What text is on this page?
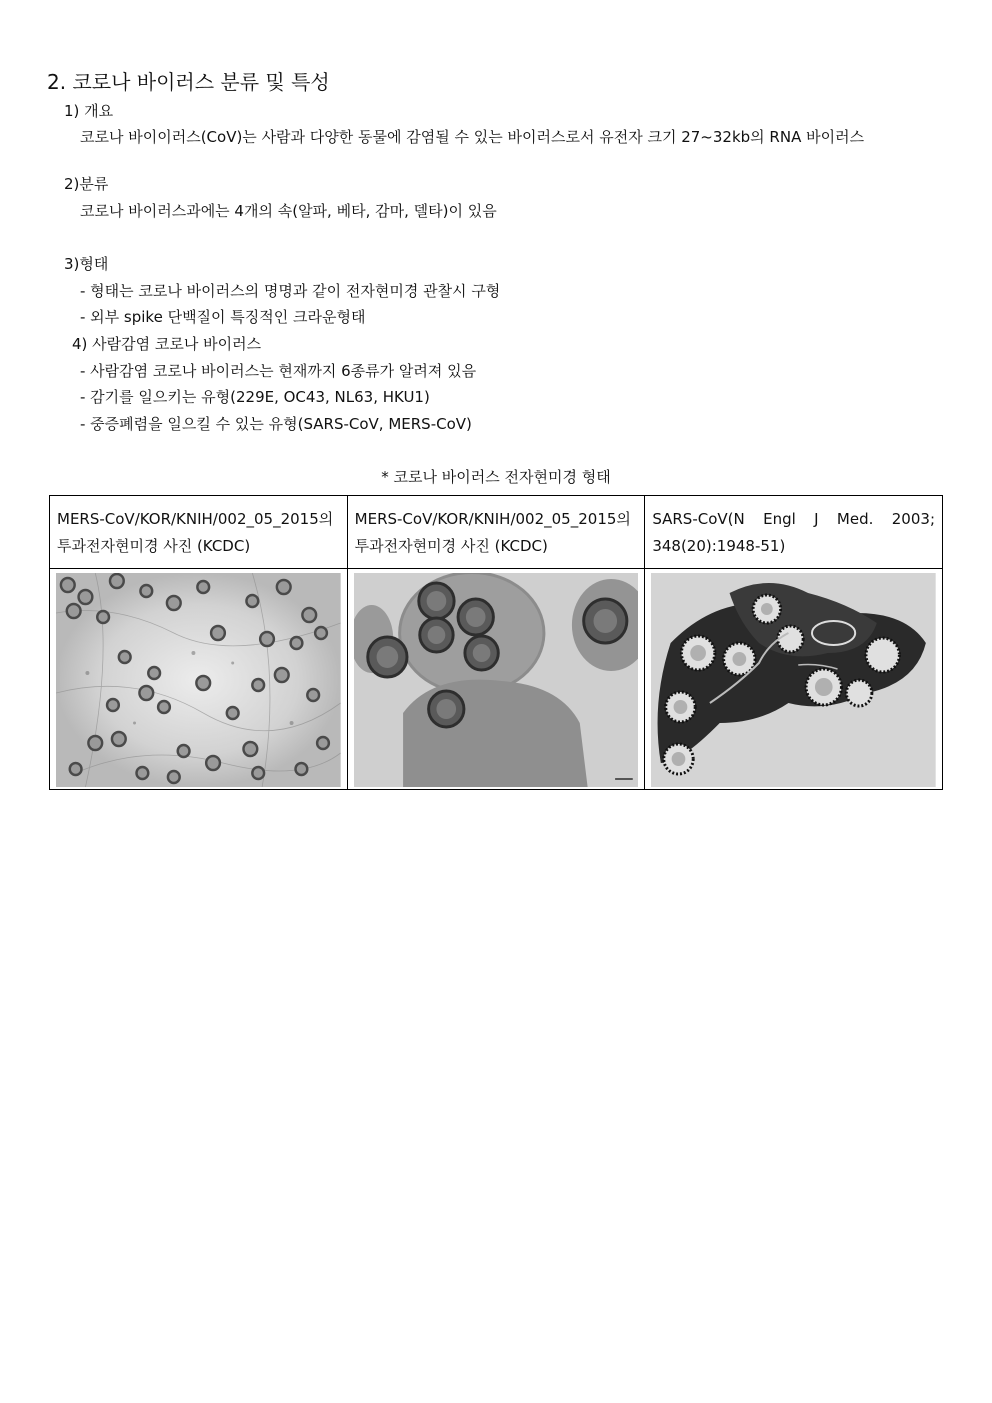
2. 코로나 바이러스 분류 및 특성
1) 개요
코로나 바이이러스(CoV)는 사람과 다양한 동물에 감염될 수 있는 바이러스로서 유전자 크기 27~32kb의 RNA 바이러스
2)분류
코로나 바이러스과에는 4개의 속(알파, 베타, 감마, 델타)이 있음
3)형태
- 형태는 코로나 바이러스의 명명과 같이 전자현미경 관찰시 구형
- 외부 spike 단백질이 특징적인 크라운형태
4) 사람감염 코로나 바이러스
- 사람감염 코로나 바이러스는 현재까지 6종류가 알려져 있음
- 감기를 일으키는 유형(229E, OC43, NL63, HKU1)
- 중증폐렴을 일으킬 수 있는 유형(SARS-CoV, MERS-CoV)
* 코로나 바이러스 전자현미경 형태
MERS-CoV/KOR/KNIH/002_05_2015의 투과전자현미경 사진 (KCDC)	MERS-CoV/KOR/KNIH/002_05_2015의 투과전자현미경 사진 (KCDC)	SARS-CoV(N Engl J Med. 2003; 348(20):1948-51)
